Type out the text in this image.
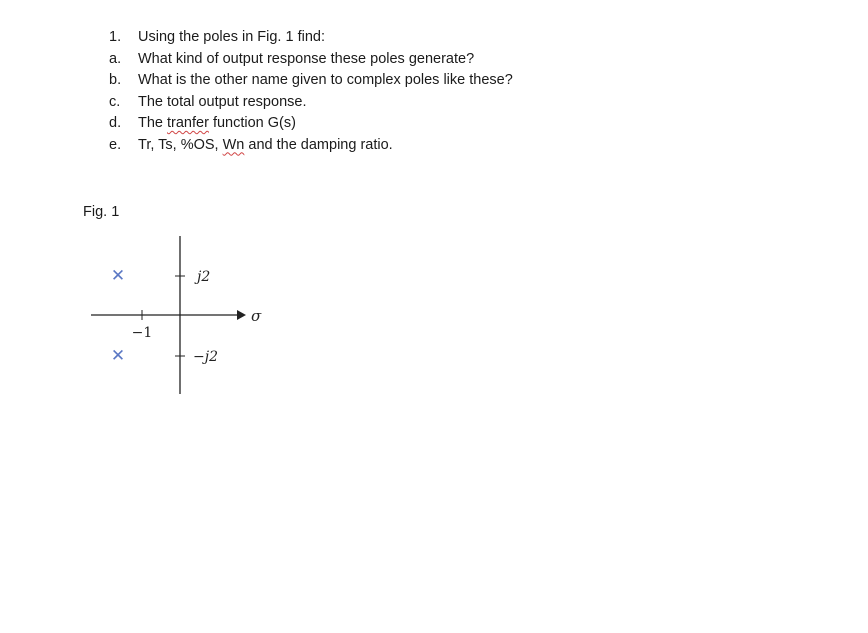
1.	Using the poles in Fig. 1 find:
a.	What kind of output response these poles generate?
b.	What is the other name given to complex poles like these?
c.	The total output response.
d.	The tranfer function G(s)
e.	Tr, Ts, %OS, Wn and the damping ratio.
Fig. 1
σ
−1
j2
−j2
✕
✕
